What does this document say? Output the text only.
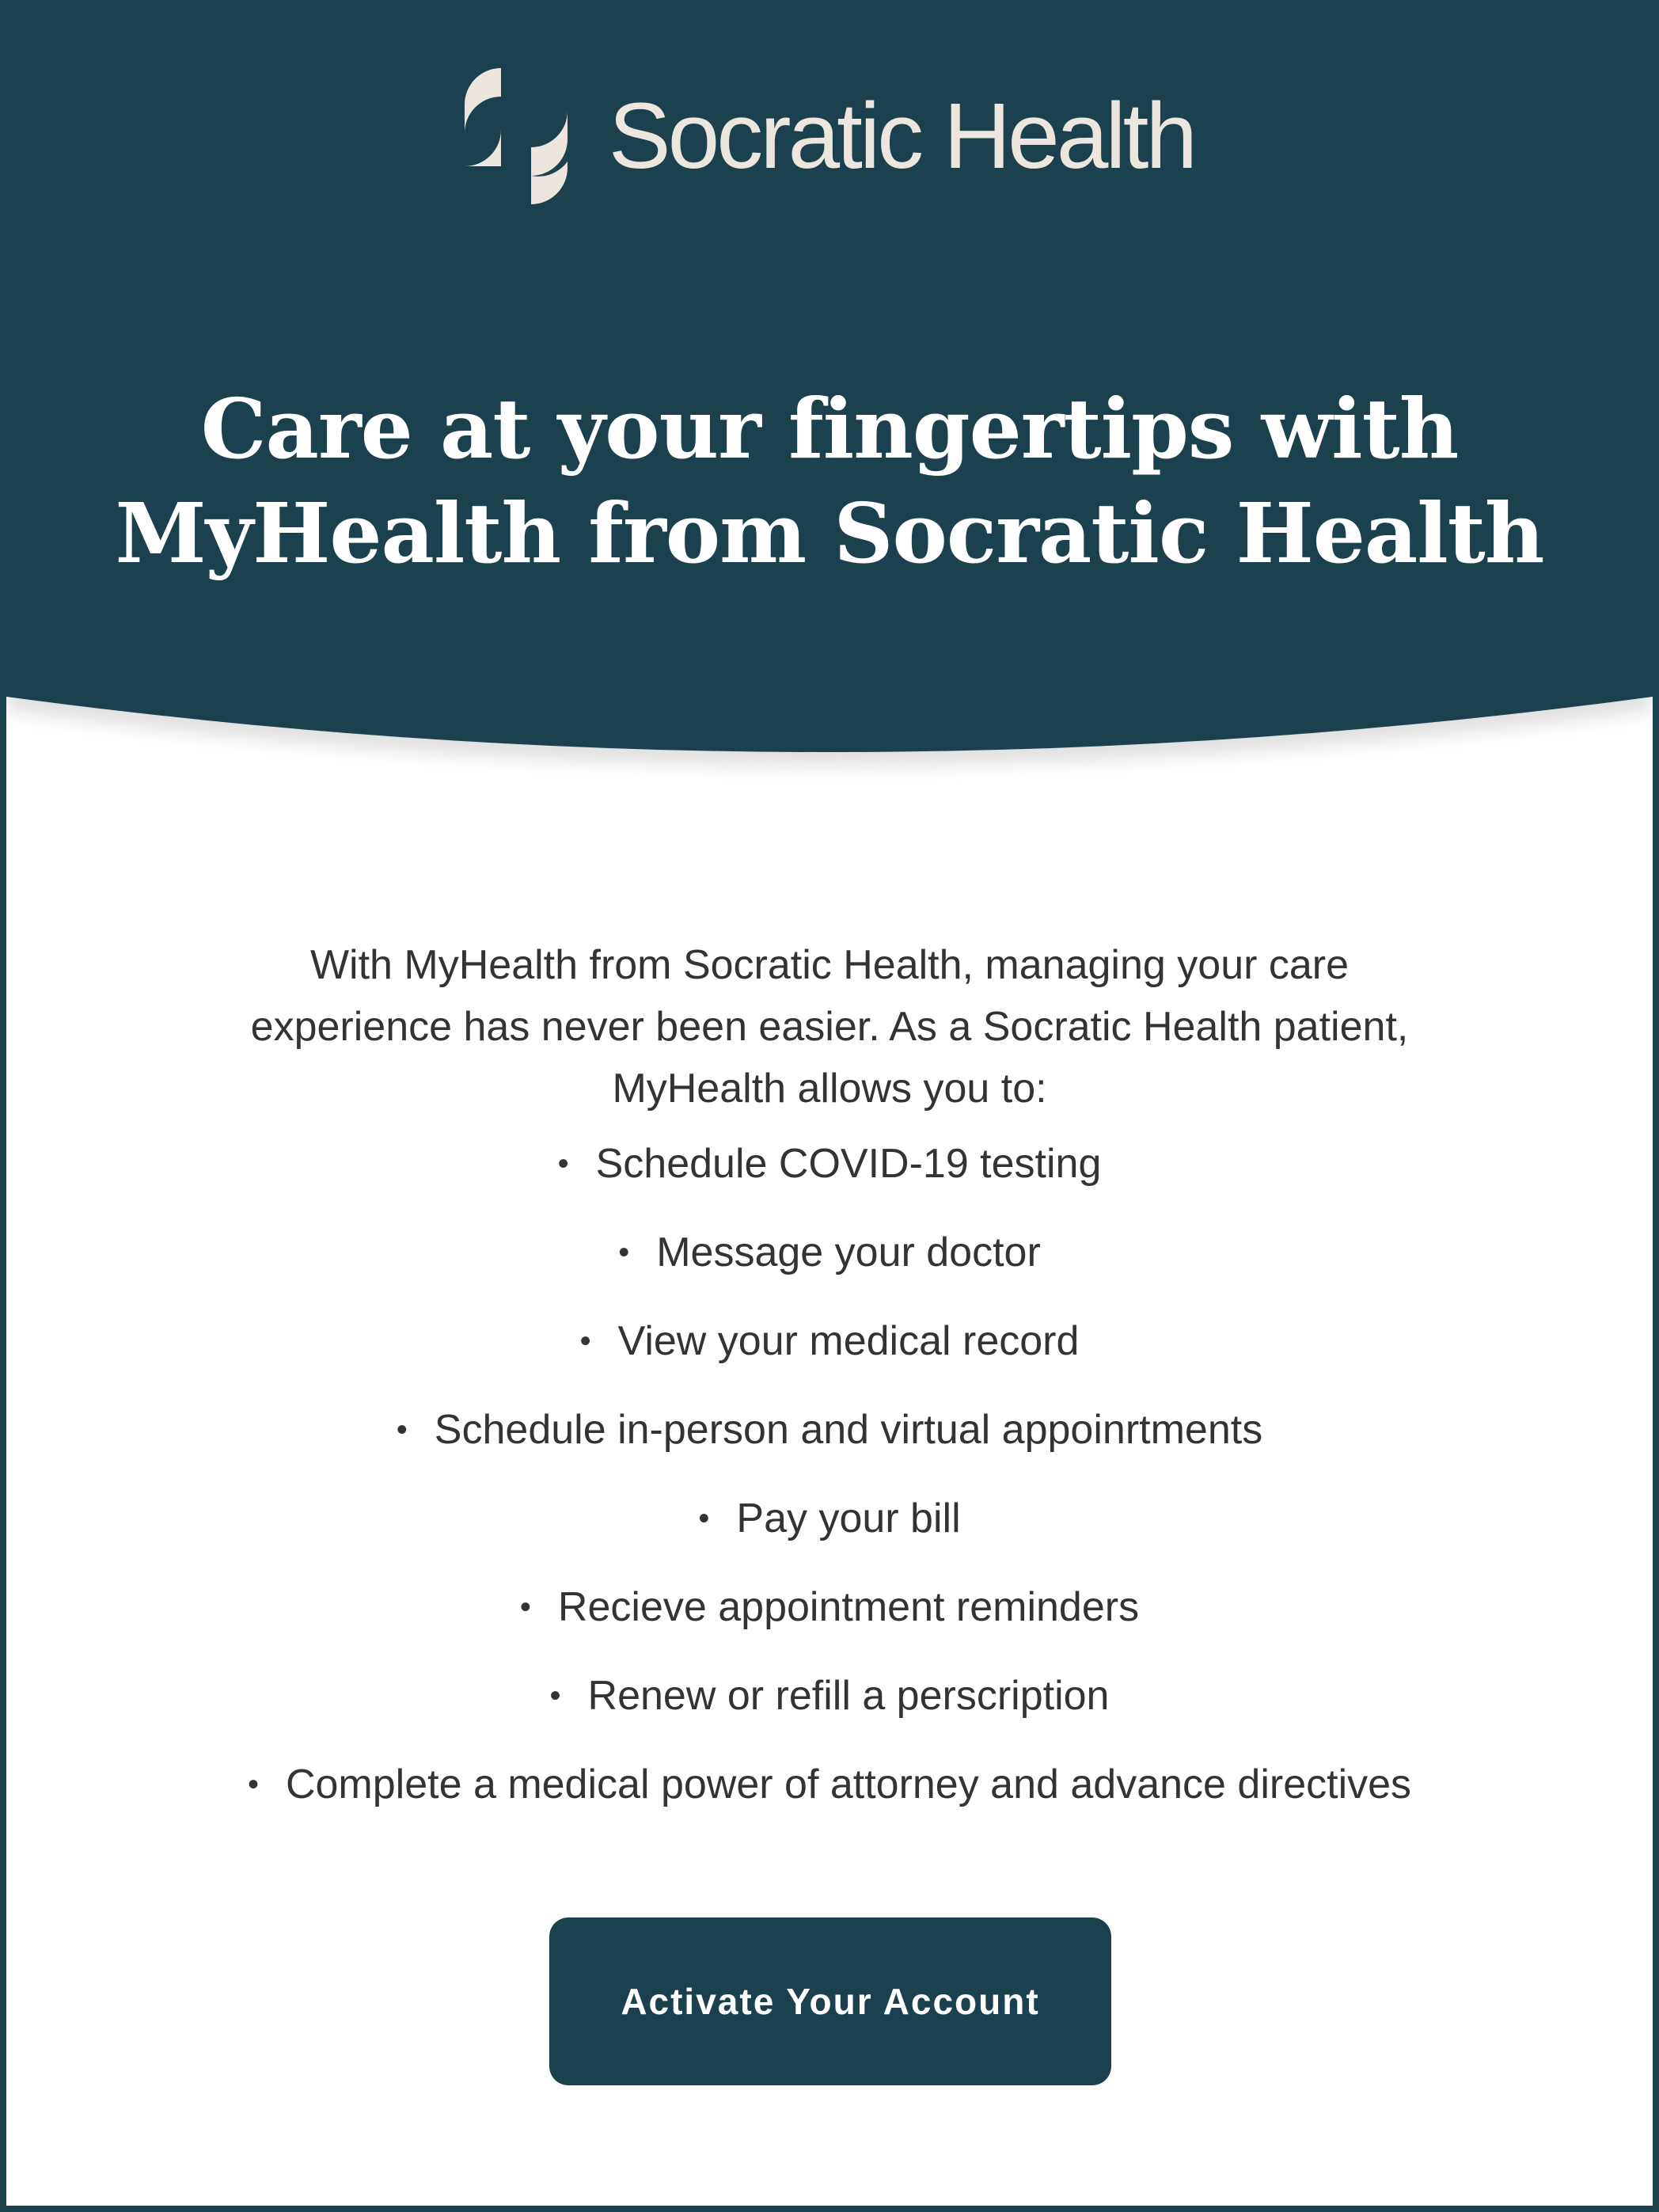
Socratic Health
Care at your fingertips with
MyHealth from Socratic Health

With MyHealth from Socratic Health, managing your care
experience has never been easier. As a Socratic Health patient,
MyHealth allows you to:

• Schedule COVID-19 testing
• Message your doctor
• View your medical record
• Schedule in-person and virtual appoinrtments
• Pay your bill
• Recieve appointment reminders
• Renew or refill a perscription
• Complete a medical power of attorney and advance directives
Activate Your Account
